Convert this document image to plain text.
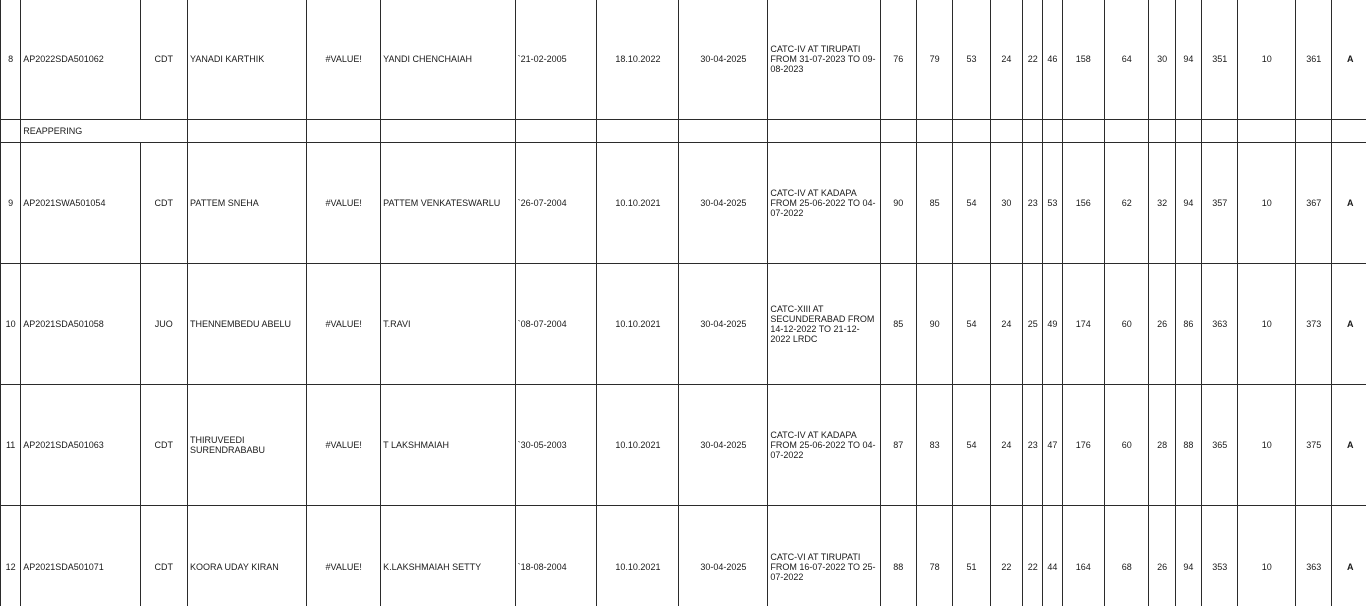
8	AP2022SDA501062	CDT	YANADI KARTHIK	#VALUE!	YANDI CHENCHAIAH	`21-02-2005	18.10.2022	30-04-2025	CATC-IV AT TIRUPATI FROM 31-07-2023 TO 09-08-2023	76	79	53	24	22	46	158	64	30	94	351	10	361	A
	REAPPERING																						
9	AP2021SWA501054	CDT	PATTEM SNEHA	#VALUE!	PATTEM VENKATESWARLU	`26-07-2004	10.10.2021	30-04-2025	CATC-IV AT KADAPA FROM 25-06-2022 TO 04-07-2022	90	85	54	30	23	53	156	62	32	94	357	10	367	A
10	AP2021SDA501058	JUO	THENNEMBEDU ABELU	#VALUE!	T.RAVI	`08-07-2004	10.10.2021	30-04-2025	CATC-XIII AT SECUNDERABAD FROM 14-12-2022 TO 21-12-2022 LRDC	85	90	54	24	25	49	174	60	26	86	363	10	373	A
11	AP2021SDA501063	CDT	THIRUVEEDI SURENDRABABU	#VALUE!	T LAKSHMAIAH	`30-05-2003	10.10.2021	30-04-2025	CATC-IV AT KADAPA FROM 25-06-2022 TO 04-07-2022	87	83	54	24	23	47	176	60	28	88	365	10	375	A
12	AP2021SDA501071	CDT	KOORA UDAY KIRAN	#VALUE!	K.LAKSHMAIAH SETTY	`18-08-2004	10.10.2021	30-04-2025	CATC-VI AT TIRUPATI FROM 16-07-2022 TO 25-07-2022	88	78	51	22	22	44	164	68	26	94	353	10	363	A
